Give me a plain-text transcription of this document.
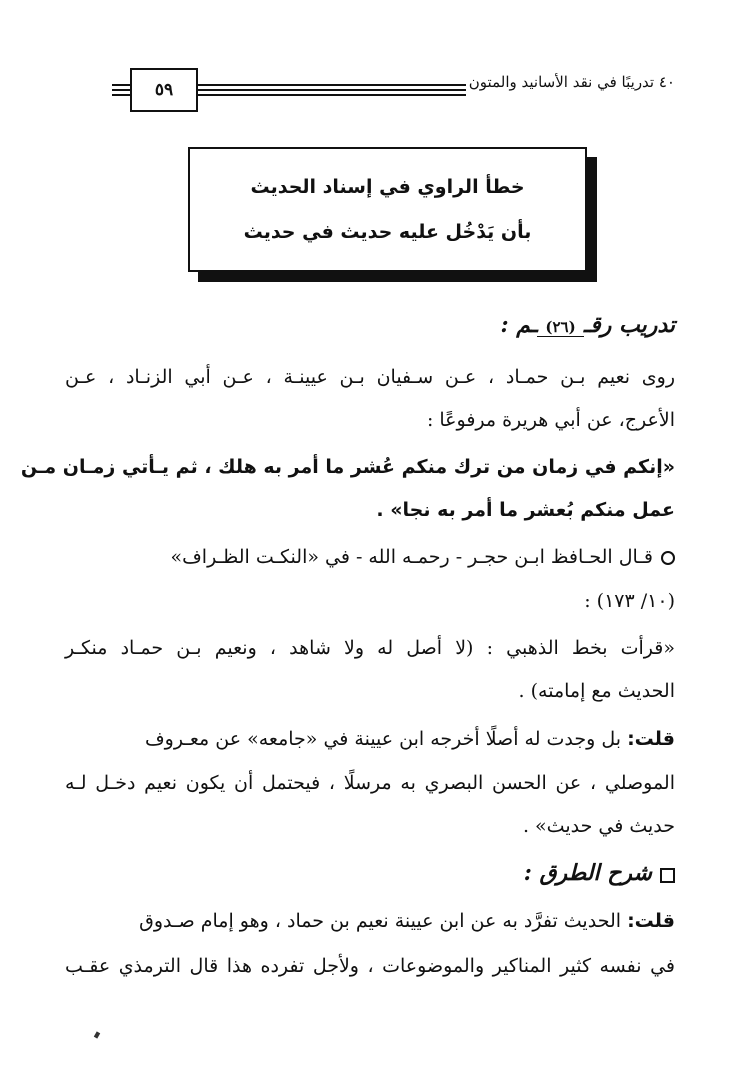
٥٩	٤٠ تدريبًا في نقد الأسانيد والمتون
خطأ الراوي في إسناد الحديث
بأن يَدْخُل عليه حديث في حديث
تدريب رقـ(٢٦)ـم :
روى نعيم بـن حمـاد ، عـن سـفيان بـن عيينـة ، عـن أبي الزنـاد ، عـن
الأعرج، عن أبي هريرة مرفوعًا :
«إنكم في زمان من ترك منكم عُشر ما أمر به هلك ، ثم يـأتي زمـان مـن
عمل منكم بُعشر ما أمر به نجا» .
قـال الحـافظ ابـن حجـر - رحمـه الله - في «النكـت الظـراف»
(١٠/ ١٧٣) :
«قرأت بخط الذهبي : (لا أصل له ولا شاهد ، ونعيم بـن حمـاد منكـر
الحديث مع إمامته) .
قلت: بل وجدت له أصلًا أخرجه ابن عيينة في «جامعه» عن معـروف
الموصلي ، عن الحسن البصري به مرسلًا ، فيحتمل أن يكون نعيم دخـل لـه
حديث في حديث» .
شرح الطرق :
قلت: الحديث تفرَّد به عن ابن عيينة نعيم بن حماد ، وهو إمام صـدوق
في نفسه كثير المناكير والموضوعات ، ولأجل تفرده هذا قال الترمذي عقـب
